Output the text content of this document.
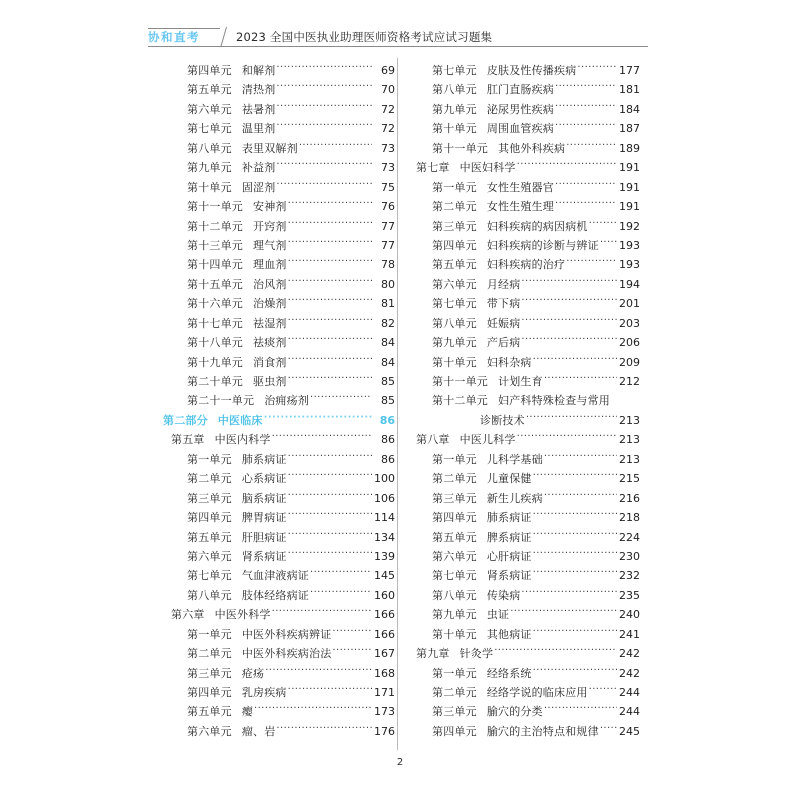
协和直考	2023 全国中医执业助理医师资格考试应试习题集
第四单元 和解剂 ·····	69
第五单元 清热剂 ·····	70
第六单元 祛暑剂 ·····	72
第七单元 温里剂 ·····	72
第八单元 表里双解剂 ·····	73
第九单元 补益剂 ·····	73
第十单元 固涩剂 ·····	75
第十一单元 安神剂 ·····	76
第十二单元 开窍剂 ·····	77
第十三单元 理气剂 ·····	77
第十四单元 理血剂 ·····	78
第十五单元 治风剂 ·····	80
第十六单元 治燥剂 ·····	81
第十七单元 祛湿剂 ·····	82
第十八单元 祛痰剂 ·····	84
第十九单元 消食剂 ·····	84
第二十单元 驱虫剂 ·····	85
第二十一单元 治痈疡剂 ·····	85
第二部分 中医临床 ·····	86
第五章 中医内科学 ·····	86
第一单元 肺系病证 ·····	86
第二单元 心系病证 ·····	100
第三单元 脑系病证 ·····	106
第四单元 脾胃病证 ·····	114
第五单元 肝胆病证 ·····	134
第六单元 肾系病证 ·····	139
第七单元 气血津液病证 ·····	145
第八单元 肢体经络病证 ·····	160
第六章 中医外科学 ·····	166
第一单元 中医外科疾病辨证 ·····	166
第二单元 中医外科疾病治法 ·····	167
第三单元 疮疡 ·····	168
第四单元 乳房疾病 ·····	171
第五单元 瘿 ·····	173
第六单元 瘤、岩 ·····	176
第七单元 皮肤及性传播疾病 ·····	177
第八单元 肛门直肠疾病 ·····	181
第九单元 泌尿男性疾病 ·····	184
第十单元 周围血管疾病 ·····	187
第十一单元 其他外科疾病 ·····	189
第七章 中医妇科学 ·····	191
第一单元 女性生殖器官 ·····	191
第二单元 女性生殖生理 ·····	191
第三单元 妇科疾病的病因病机 ·····	192
第四单元 妇科疾病的诊断与辨证 ····· 193
第五单元 妇科疾病的治疗 ·····	193
第六单元 月经病 ·····	194
第七单元 带下病 ·····	201
第八单元 妊娠病 ·····	203
第九单元 产后病 ·····	206
第十单元 妇科杂病 ·····	209
第十一单元 计划生育 ·····	212
第十二单元 妇产科特殊检查与常用
诊断技术 ·····	213
第八章 中医儿科学 ·····	213
第一单元 儿科学基础 ·····	213
第二单元 儿童保健 ·····	215
第三单元 新生儿疾病 ·····	216
第四单元 肺系病证 ·····	218
第五单元 脾系病证 ·····	224
第六单元 心肝病证 ·····	230
第七单元 肾系病证 ·····	232
第八单元 传染病 ·····	235
第九单元 虫证 ·····	240
第十单元 其他病证 ·····	241
第九章 针灸学 ·····	242
第一单元 经络系统 ·····	242
第二单元 经络学说的临床应用 ·····	244
第三单元 腧穴的分类 ·····	244
第四单元 腧穴的主治特点和规律 ····· 245
2
